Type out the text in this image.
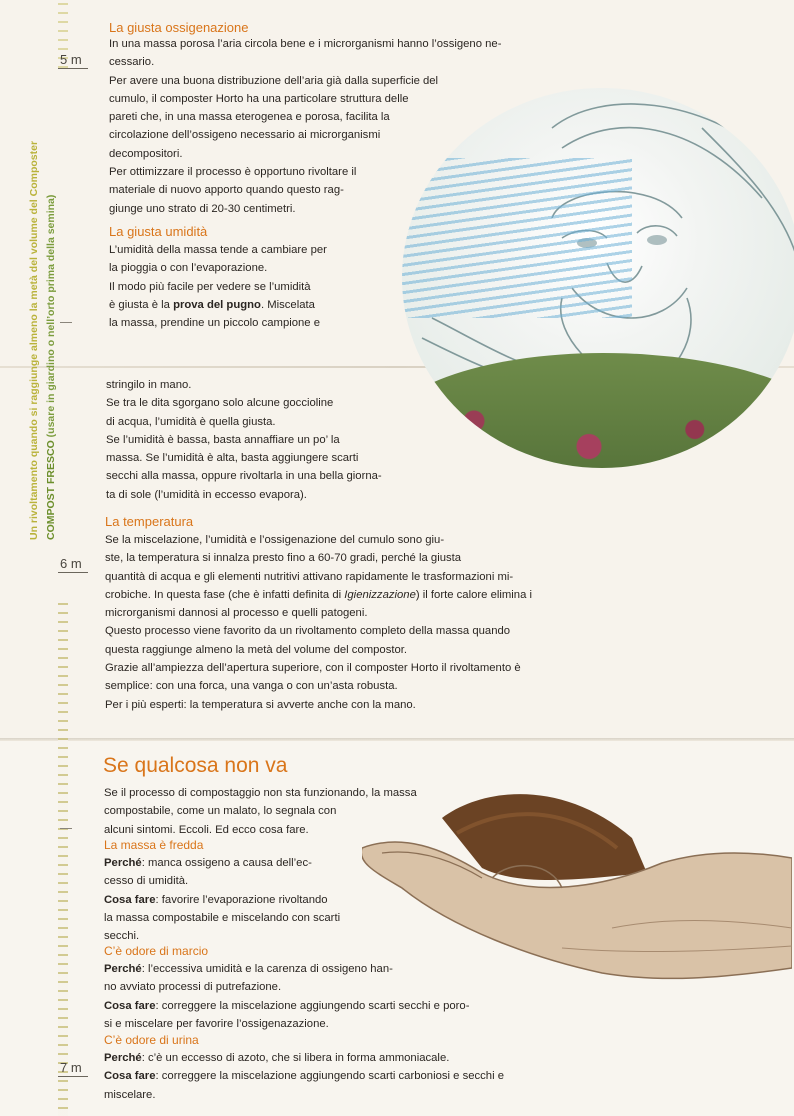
Un rivoltamento quando si raggiunge almeno la metà del volume del Composter COMPOST FRESCO (usare in giardino o nell’orto prima della semina)
5 m
6 m
7 m
La giusta ossigenazione
In una massa porosa l’aria circola bene e i microrganismi hanno l’ossigeno ne-
cessario.
Per avere una buona distribuzione dell’aria già dalla superficie del
cumulo, il composter Horto ha una particolare struttura delle
pareti che, in una massa eterogenea e porosa, facilita la
circolazione dell’ossigeno necessario ai microrganismi
decompositori.
Per ottimizzare il processo è opportuno rivoltare il
materiale di nuovo apporto quando questo rag-
giunge uno strato di 20-30 centimetri.
La giusta umidità
L’umidità della massa tende a cambiare per
la pioggia o con l’evaporazione.
Il modo più facile per vedere se l’umidità
è giusta è la prova del pugno. Miscelata
la massa, prendine un piccolo campione e
stringilo in mano.
Se tra le dita sgorgano solo alcune goccioline
di acqua, l’umidità è quella giusta.
Se l’umidità è bassa, basta annaffiare un po’ la
massa. Se l’umidità è alta, basta aggiungere scarti
secchi alla massa, oppure rivoltarla in una bella giorna-
ta di sole (l’umidità in eccesso evapora).
La temperatura
Se la miscelazione, l’umidità e l’ossigenazione del cumulo sono giu-
ste, la temperatura si innalza presto fino a 60-70 gradi, perché la giusta
quantità di acqua e gli elementi nutritivi attivano rapidamente le trasformazioni mi-
crobiche. In questa fase (che è infatti definita di Igienizzazione) il forte calore elimina i
microrganismi dannosi al processo e quelli patogeni.
Questo processo viene favorito da un rivoltamento completo della massa quando
questa raggiunge almeno la metà del volume del compostor.
Grazie all’ampiezza dell’apertura superiore, con il composter Horto il rivoltamento è
semplice: con una forca, una vanga o con un’asta robusta.
Per i più esperti: la temperatura si avverte anche con la mano.
Se qualcosa non va
Se il processo di compostaggio non sta funzionando, la massa
compostabile, come un malato, lo segnala con
alcuni sintomi. Eccoli. Ed ecco cosa fare.
La massa è fredda
Perché: manca ossigeno a causa dell’ec-
cesso di umidità.
Cosa fare: favorire l’evaporazione rivoltando
la massa compostabile e miscelando con scarti
secchi.
C’è odore di marcio
Perché: l’eccessiva umidità e la carenza di ossigeno han-
no avviato processi di putrefazione.
Cosa fare: correggere la miscelazione aggiungendo scarti secchi e poro-
si e miscelare per favorire l’ossigenazazione.
C’è odore di urina
Perché: c’è un eccesso di azoto, che si libera in forma ammoniacale.
Cosa fare: correggere la miscelazione aggiungendo scarti carboniosi e secchi e
miscelare.
